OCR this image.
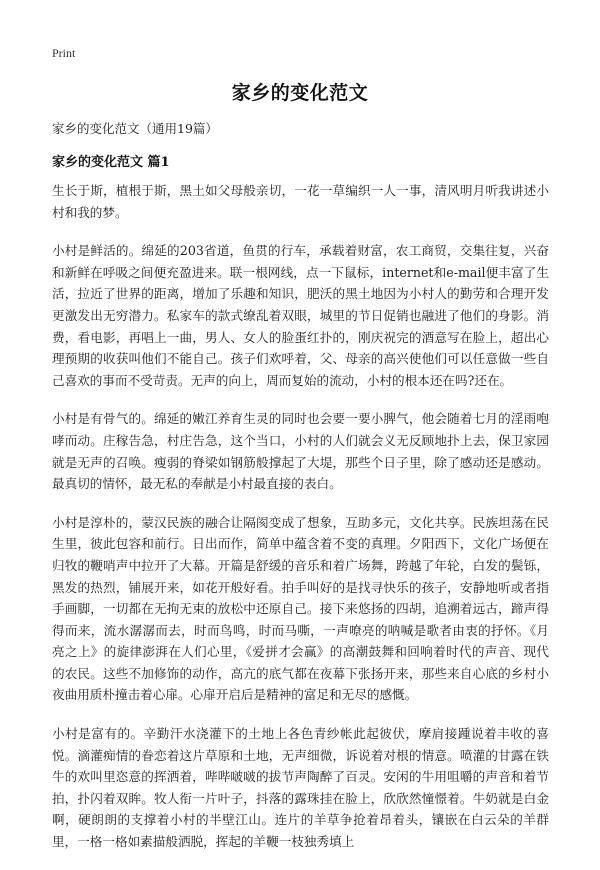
Print
家乡的变化范文
家乡的变化范文（通用19篇）
家乡的变化范文 篇1

生长于斯，植根于斯，黑土如父母般亲切，一花一草编织一人一事，清风明月听我讲述小村和我的梦。

小村是鲜活的。绵延的203省道，鱼贯的行车，承载着财富，农工商贸，交集往复，兴奋和新鲜在呼吸之间便充盈进来。联一根网线，点一下鼠标，internet和e-mail便丰富了生活，拉近了世界的距离，增加了乐趣和知识，肥沃的黑土地因为小村人的勤劳和合理开发更激发出无穷潜力。私家车的款式缭乱着双眼，城里的节日促销也融进了他们的身影。消费，看电影，再唱上一曲，男人、女人的脸蛋红扑的，刚庆祝完的酒意写在脸上，超出心理预期的收获叫他们不能自己。孩子们欢呼着，父、母亲的高兴使他们可以任意做一些自己喜欢的事而不受苛责。无声的向上，周而复始的流动，小村的根本还在吗?还在。

小村是有骨气的。绵延的嫩江养育生灵的同时也会要一要小脾气，他会随着七月的淫雨咆哮而动。庄稼告急，村庄告急，这个当口，小村的人们就会义无反顾地扑上去，保卫家园就是无声的召唤。瘦弱的脊梁如钢筋般撑起了大堤，那些个日子里，除了感动还是感动。最真切的情怀，最无私的奉献是小村最直接的表白。

小村是淳朴的，蒙汉民族的融合让隔阂变成了想象，互助多元，文化共享。民族坦荡在民生里，彼此包容和前行。日出而作，简单中蕴含着不变的真理。夕阳西下，文化广场便在归牧的鞭哨声中拉开了大幕。开篇是舒缓的音乐和着广场舞，跨越了年轮，白发的鬓铄，黑发的热烈，铺展开来，如花开般好看。拍手叫好的是找寻快乐的孩子，安静地听或者指手画脚，一切都在无拘无束的放松中还原自己。接下来悠扬的四胡，追溯着远古，蹄声得得而来，流水潺潺而去，时而鸟鸣，时而马嘶，一声嘹亮的呐喊是歌者由衷的抒怀。《月亮之上》的旋律澎湃在人们心里，《爱拼才会赢》的高潮鼓舞和回响着时代的声音、现代的农民。这些不加修饰的动作，高亢的底气都在夜幕下张扬开来，那些来自心底的乡村小夜曲用质朴撞击着心扉。心扉开启后是精神的富足和无尽的感慨。

小村是富有的。辛勤汗水浇灌下的土地上各色青纱帐此起彼伏，摩肩接踵说着丰收的喜悦。滴灌痴情的眷恋着这片草原和土地，无声细微，诉说着对根的情意。喷灌的甘露在铁牛的欢叫里恣意的挥洒着，哔哔啵啵的拔节声陶醉了百灵。安闲的牛用咀嚼的声音和着节拍，扑闪着双眸。牧人衔一片叶子，抖落的露珠挂在脸上，欣欣然憧憬着。牛奶就是白金啊，硬朗朗的支撑着小村的半壁江山。连片的羊草争抢着昂着头，镶嵌在白云朵的羊群里，一格一格如素描般洒脱，挥起的羊鞭一枝独秀填上
